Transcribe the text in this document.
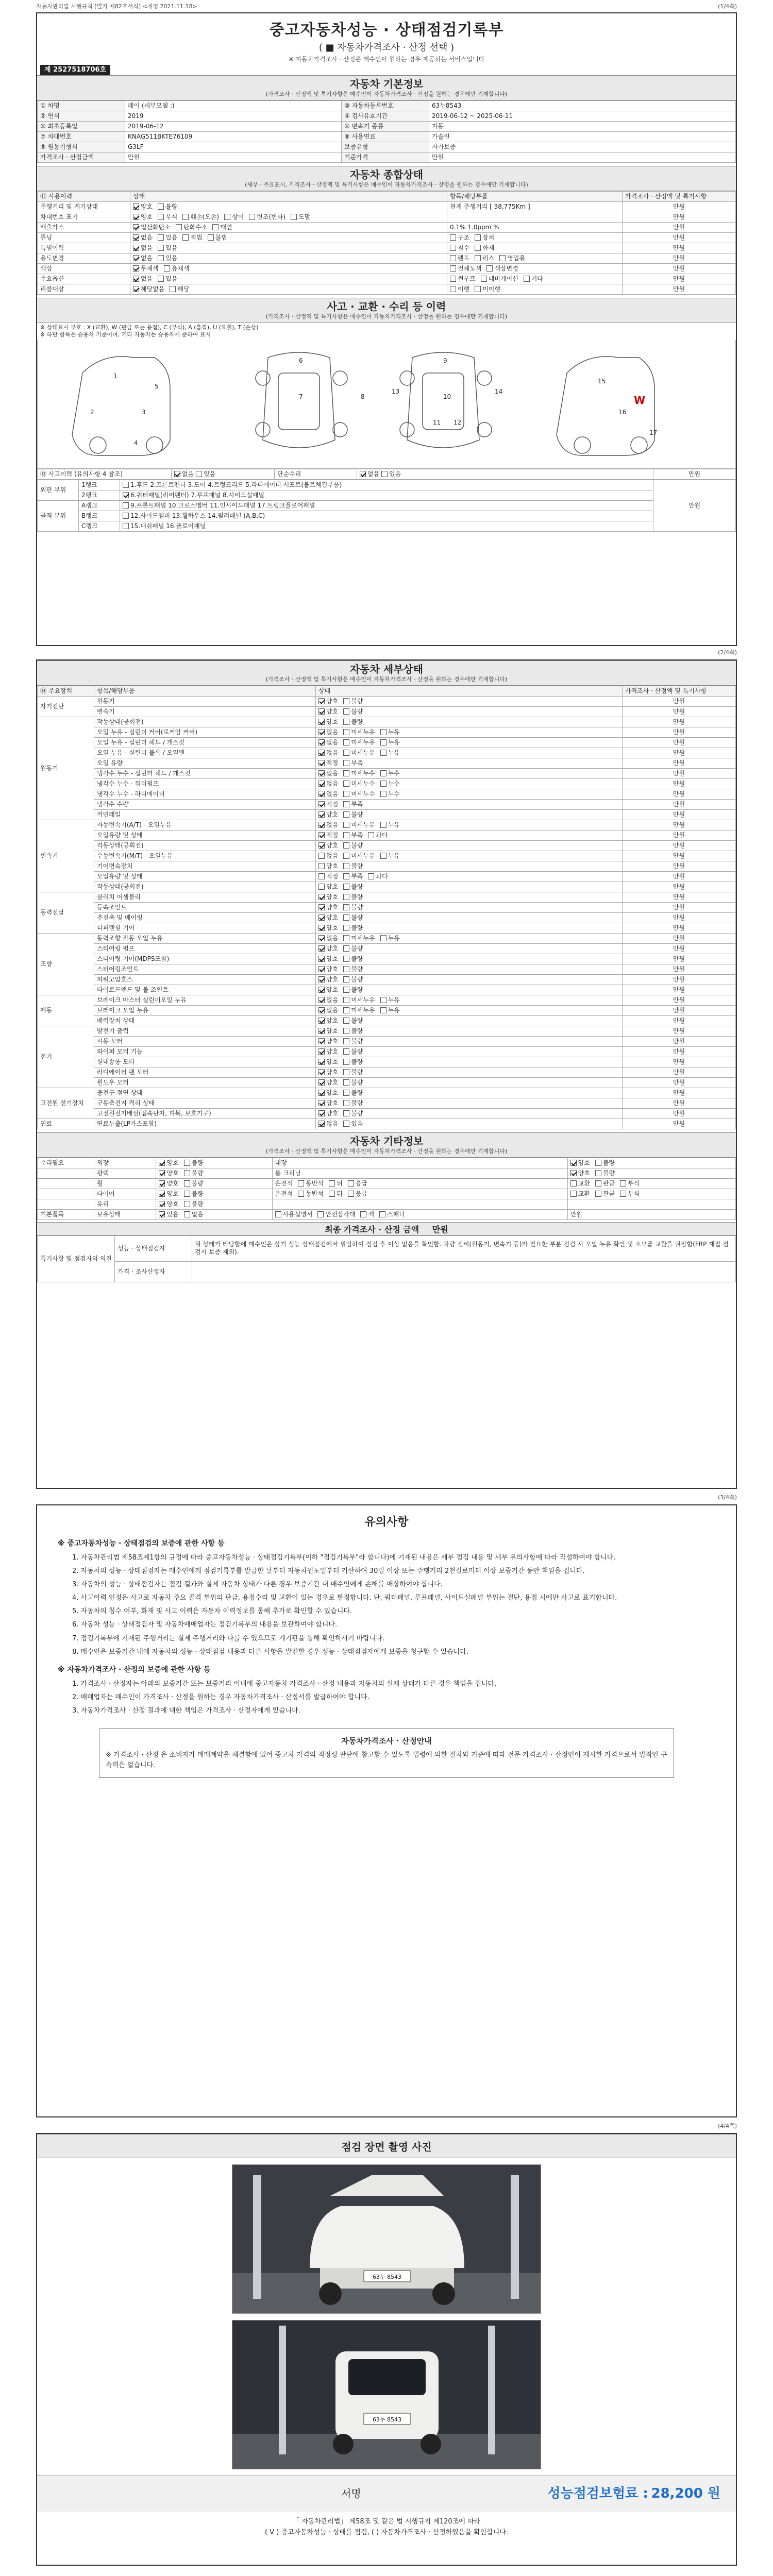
자동차관리법 시행규칙 [별지 제82호서식] <개정 2021.11.18>	(1/4쪽)
중고자동차성능 · 상태점검기록부
( ■ 자동차가격조사 · 산정 선택 )
※ 자동차가격조사 · 산정은 매수인이 원하는 경우 제공하는 서비스입니다
제 2527518706호
자동차 기본정보

(가격조사 · 산정액 및 특기사항은 매수인이 자동차가격조사 · 산정을 원하는 경우에만 기재합니다)

① 차명	레이 (세부모델 :)	⑩ 자동차등록번호	63누8543
② 연식	2019	④ 검사유효기간	2019-06-12 ~ 2025-06-11
⑤ 최초등록일	2019-06-12	⑥ 변속기 종류	자동
⑦ 차대번호	KNAG511BKTE76109	⑧ 사용연료	가솔린
⑨ 원동기형식	G3LF	보증유형	자가보증
가격조사 · 산정금액	만원	기준가격	만원
자동차 종합상태

(세부 · 주요표시, 가격조사 · 산정액 및 특기사항은 매수인이 자동차가격조사 · 산정을 원하는 경우에만 기재합니다)

⑪ 사용이력	상태	항목/해당부품	가격조사 · 산정액 및 특기사항
주행거리 및 계기상태	양호 불량	현재 주행거리 [ 38,775Km ]	만원
차대번호 표기	양호 부식 훼손(오손) 상이 변조(변타) 도말		만원
배출가스	일산화탄소 탄화수소 매연	0.1% 1.0ppm %	만원
튜닝	없음 있음 적법 불법	구조 장치	만원
특별이력	없음 있음	침수 화재	만원
용도변경	없음 있음	렌트 리스 영업용	만원
색상	무채색 유채색	전체도색 색상변경	만원
주요옵션	없음 있음	썬루프 네비게이션 기타	만원
리콜대상	해당없음 해당	이행 미이행	만원
사고 · 교환 · 수리 등 이력

(가격조사 · 산정액 및 특기사항은 매수인이 자동차가격조사 · 산정을 원하는 경우에만 기재합니다)

※ 상태표시 부호 : X (교환), W (판금 또는 용접), C (부식), A (흠집), U (요철), T (손상)
※ 하단 항목은 승용차 기준이며, 기타 자동차는 승용차에 준하여 표시
1
2	3
4
5
6
7	8
9
10
11 12
13	14
15
16
17
W
⑬ 사고이력 (유의사항 4 참조)	없음 있음	단순수리	없음 있음	만원
외판 부위	1랭크	1.후드 2.프론트펜더 3.도어 4.트렁크리드 5.라디에이터 서포트(볼트체결부품)	만원
	2랭크	6.쿼터패널(리어펜더) 7.루프패널 8.사이드실패널	
골격 부위	A랭크	9.프론트패널 10.크로스멤버 11.인사이드패널 17.트렁크플로어패널	
	B랭크	12.사이드멤버 13.휠하우스 14.필러패널 (A,B,C)	
	C랭크	15.대쉬패널 16.플로어패널	
(2/4쪽)
자동차 세부상태

(가격조사 · 산정액 및 특기사항은 매수인이 자동차가격조사 · 산정을 원하는 경우에만 기재합니다)

⑭ 주요장치	항목/해당부품	상태	가격조사 · 산정액 및 특기사항
자기진단	원동기	양호 불량	만원
	변속기	양호 불량	만원
원동기	작동상태(공회전)	양호 불량	만원
	오일 누유 - 실린더 커버(로커암 커버)	없음 미세누유 누유	만원
	오일 누유 - 실린더 헤드 / 개스킷	없음 미세누유 누유	만원
	오일 누유 - 실린더 블록 / 오일팬	없음 미세누유 누유	만원
	오일 유량	적정 부족	만원
	냉각수 누수 - 실린더 헤드 / 개스킷	없음 미세누수 누수	만원
	냉각수 누수 - 워터펌프	없음 미세누수 누수	만원
	냉각수 누수 - 라디에이터	없음 미세누수 누수	만원
	냉각수 수량	적정 부족	만원
	커먼레일	양호 불량	만원
변속기	자동변속기(A/T) - 오일누유	없음 미세누유 누유	만원
	오일유량 및 상태	적정 부족 과다	만원
	작동상태(공회전)	양호 불량	만원
	수동변속기(M/T) - 오일누유	없음 미세누유 누유	만원
	기어변속장치	양호 불량	만원
	오일유량 및 상태	적정 부족 과다	만원
	작동상태(공회전)	양호 불량	만원
동력전달	클러치 어셈블리	양호 불량	만원
	등속조인트	양호 불량	만원
	추진축 및 베어링	양호 불량	만원
	디퍼렌셜 기어	양호 불량	만원
조향	동력조향 작동 오일 누유	없음 미세누유 누유	만원
	스티어링 펌프	양호 불량	만원
	스티어링 기어(MDPS포함)	양호 불량	만원
	스티어링조인트	양호 불량	만원
	파워고압호스	양호 불량	만원
	타이로드엔드 및 볼 조인트	양호 불량	만원
제동	브레이크 마스터 실린더오일 누유	없음 미세누유 누유	만원
	브레이크 오일 누유	없음 미세누유 누유	만원
	배력장치 상태	양호 불량	만원
전기	발전기 출력	양호 불량	만원
	시동 모터	양호 불량	만원
	와이퍼 모터 기능	양호 불량	만원
	실내송풍 모터	양호 불량	만원
	라디에이터 팬 모터	양호 불량	만원
	윈도우 모터	양호 불량	만원
고전원 전기장치	충전구 절연 상태	양호 불량	만원
	구동축전지 격리 상태	양호 불량	만원
	고전원전기배선(접속단자, 피복, 보호기구)	양호 불량	만원
연료	연료누출(LP가스포함)	없음 있음	만원
자동차 기타정보

(가격조사 · 산정액 및 특기사항은 매수인이 자동차가격조사 · 산정을 원하는 경우에만 기재합니다)

수리필요	외장	양호 불량	내장	양호 불량
	광택	양호 불량	룸 크리닝	양호 불량
	휠	양호 불량	운전석 동반석 뒤 응급	교환 판금 부식
	타이어	양호 불량	운전석 동반석 뒤 응급	교환 판금 부식
	유리	양호 불량		
기본품목	보유상태	있음 없음	사용설명서 안전삼각대 잭 스패너	만원
최종 가격조사 · 산정 금액 만원
특기사항 및 점검자의 의견	성능 · 상태점검자	위 상태가 타당함에 매수인은 상기 성능 상태점검에서 위임하여 점검 후 이상 없음을 확인함. 차량 정비(원동기, 변속기 등)가 필요한 부분 점검 시 오일 누유 확인 및 소모품 교환을 권장함(FRP 재질 점검시 보증 제외).
	가격 · 조사산정자	
(3/4쪽)
유의사항
※ 중고자동차성능 · 상태점검의 보증에 관한 사항 등
1. 자동차관리법 제58조제1항의 규정에 따라 중고자동차성능 · 상태점검기록부(이하 "점검기록부"라 합니다)에 기재된 내용은 세부 점검 내용 및 세부 유의사항에 따라 작성하여야 합니다.
2. 자동차의 성능 · 상태점검자는 매수인에게 점검기록부를 발급한 날부터 자동차인도일부터 기산하여 30일 이상 또는 주행거리 2천킬로미터 이상 보증기간 동안 책임을 집니다.
3. 자동차의 성능 · 상태점검자는 점검 결과와 실제 자동차 상태가 다른 경우 보증기간 내 매수인에게 손해를 배상하여야 합니다.
4. 사고이력 인정은 사고로 자동차 주요 골격 부위의 판금, 용접수리 및 교환이 있는 경우로 한정합니다. 단, 쿼터패널, 루프패널, 사이드실패널 부위는 절단, 용접 시에만 사고로 표기합니다.
5. 자동차의 침수 여부, 화재 및 사고 이력은 자동차 이력정보를 통해 추가로 확인할 수 있습니다.
6. 자동차 성능 · 상태점검자 및 자동차매매업자는 점검기록부의 내용을 보관하여야 합니다.
7. 점검기록부에 기재된 주행거리는 실제 주행거리와 다를 수 있으므로 계기판을 통해 확인하시기 바랍니다.
8. 매수인은 보증기간 내에 자동차의 성능 · 상태점검 내용과 다른 사항을 발견한 경우 성능 · 상태점검자에게 보증을 청구할 수 있습니다.
※ 자동차가격조사 · 산정의 보증에 관한 사항 등
1. 가격조사 · 산정자는 아래의 보증기간 또는 보증거리 이내에 중고자동차 가격조사 · 산정 내용과 자동차의 실제 상태가 다른 경우 책임을 집니다.
2. 매매업자는 매수인이 가격조사 · 산정을 원하는 경우 자동차가격조사 · 산정서를 발급하여야 합니다.
3. 자동차가격조사 · 산정 결과에 대한 책임은 가격조사 · 산정자에게 있습니다.
자동차가격조사 · 산정안내
※ 가격조사 · 산정 은 소비자가 매매계약을 체결함에 있어 중고차 가격의 적정성 판단에 참고할 수 있도록 법령에 의한 절차와 기준에 따라 전문 가격조사 · 산정인이 제시한 가격으로서 법적인 구속력은 없습니다.
(4/4쪽)
점검 장면 촬영 사진
63누 8543
63누 8543
서명	성능점검보험료 : 28,200 원
「 자동차관리법」 제58조 및 같은 법 시행규칙 제120조에 따라
( V ) 중고자동차성능 · 상태를 점검, ( ) 자동차가격조사 · 산정하였음을 확인합니다.
